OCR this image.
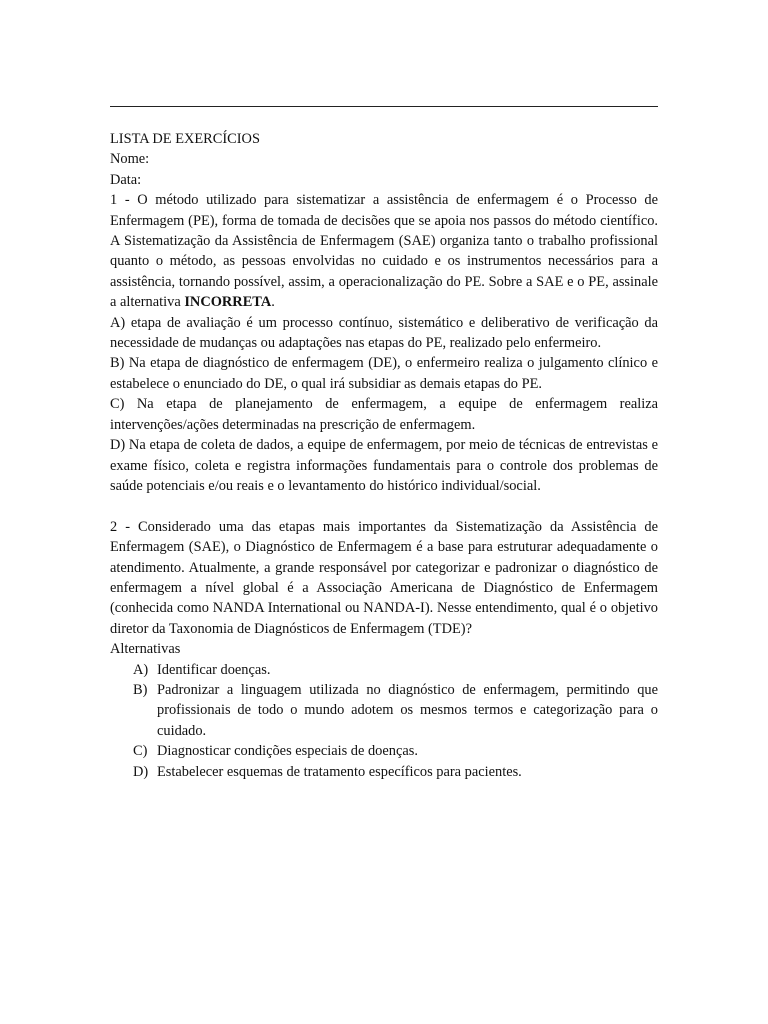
LISTA DE EXERCÍCIOS
Nome:
Data:

1 - O método utilizado para sistematizar a assistência de enfermagem é o Processo de Enfermagem (PE), forma de tomada de decisões que se apoia nos passos do método científico. A Sistematização da Assistência de Enfermagem (SAE) organiza tanto o trabalho profissional quanto o método, as pessoas envolvidas no cuidado e os instrumentos necessários para a assistência, tornando possível, assim, a operacionalização do PE. Sobre a SAE e o PE, assinale a alternativa INCORRETA.

A) etapa de avaliação é um processo contínuo, sistemático e deliberativo de verificação da necessidade de mudanças ou adaptações nas etapas do PE, realizado pelo enfermeiro.

B) Na etapa de diagnóstico de enfermagem (DE), o enfermeiro realiza o julgamento clínico e estabelece o enunciado do DE, o qual irá subsidiar as demais etapas do PE.

C) Na etapa de planejamento de enfermagem, a equipe de enfermagem realiza intervenções/ações determinadas na prescrição de enfermagem.

D) Na etapa de coleta de dados, a equipe de enfermagem, por meio de técnicas de entrevistas e exame físico, coleta e registra informações fundamentais para o controle dos problemas de saúde potenciais e/ou reais e o levantamento do histórico individual/social.

2 - Considerado uma das etapas mais importantes da Sistematização da Assistência de Enfermagem (SAE), o Diagnóstico de Enfermagem é a base para estruturar adequadamente o atendimento. Atualmente, a grande responsável por categorizar e padronizar o diagnóstico de enfermagem a nível global é a Associação Americana de Diagnóstico de Enfermagem (conhecida como NANDA International ou NANDA-I). Nesse entendimento, qual é o objetivo diretor da Taxonomia de Diagnósticos de Enfermagem (TDE)?

Alternativas
A) Identificar doenças.
B) Padronizar a linguagem utilizada no diagnóstico de enfermagem, permitindo que profissionais de todo o mundo adotem os mesmos termos e categorização para o cuidado.
C) Diagnosticar condições especiais de doenças.
D) Estabelecer esquemas de tratamento específicos para pacientes.
